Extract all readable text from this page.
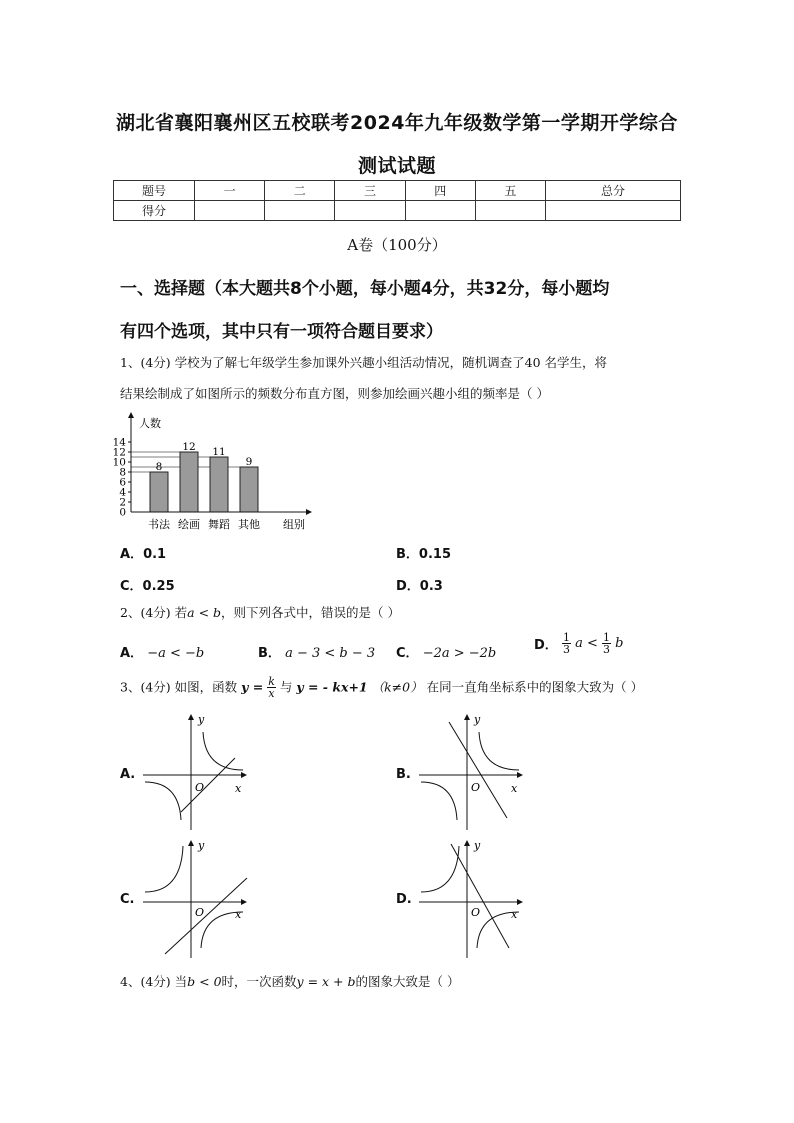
湖北省襄阳襄州区五校联考2024年九年级数学第一学期开学综合
测试试题
题号	一	二	三	四	五	总分
得分						
A卷（100分）
一、选择题（本大题共8个小题，每小题4分，共32分，每小题均
有四个选项，其中只有一项符合题目要求）
1、(4分) 学校为了解七年级学生参加课外兴趣小组活动情况，随机调查了40 名学生，将
结果绘制成了如图所示的频数分布直方图，则参加绘画兴趣小组的频率是（ ）
人数
组别
0
2
4
6
8
10
12
14
8
12 11
9
书法 绘画 舞蹈 其他
A．0.1	B．0.15
C．0.25	D．0.3
2、(4分) 若a < b，则下列各式中，错误的是（ ）
A． −a < −b	B． a − 3 < b − 3 C． −2a > −2b
D． $\frac{1}{3}$ $a < \frac{1}{3}$ b
3、(4分) 如图，函数 $y = \frac{k}{x}$ 与 y = - kx+1 （k≠0） 在同一直角坐标系中的图象大致为（ ）
A.
y
x
O
B.
y
x
O
C.
y
x
O
D.
y
x
O
4、(4分) 当b < 0时，一次函数y = x + b的图象大致是（ ）
